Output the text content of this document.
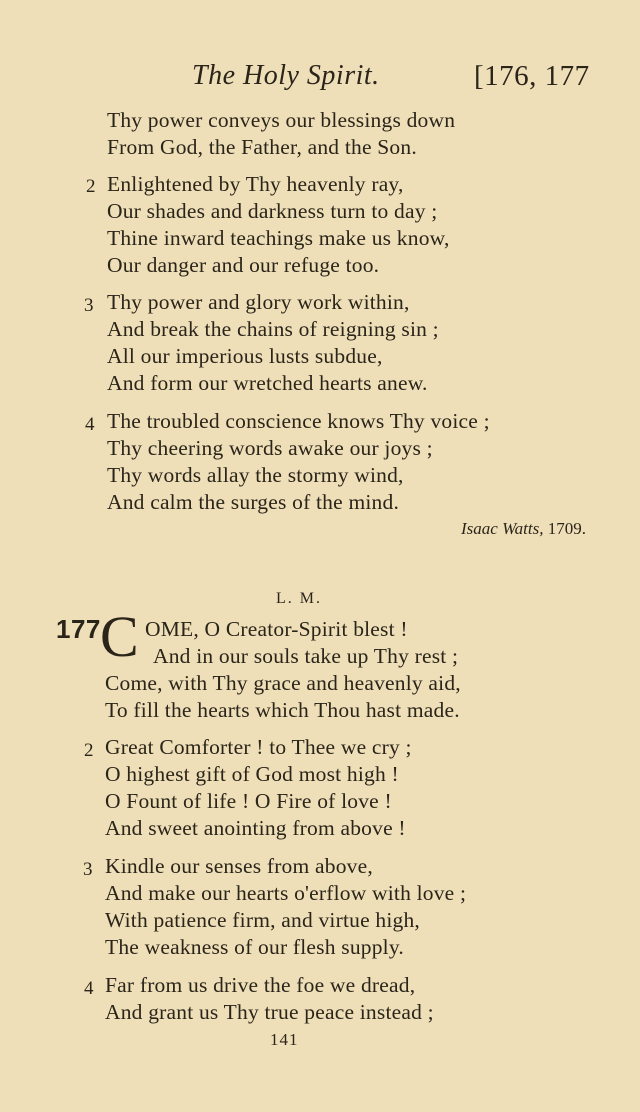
The Holy Spirit.	[176, 177
Thy power conveys our blessings down
From God, the Father, and the Son.
2 Enlightened by Thy heavenly ray,
Our shades and darkness turn to day ;
Thine inward teachings make us know,
Our danger and our refuge too.
3 Thy power and glory work within,
And break the chains of reigning sin ;
All our imperious lusts subdue,
And form our wretched hearts anew.
4 The troubled conscience knows Thy voice ;
Thy cheering words awake our joys ;
Thy words allay the stormy wind,
And calm the surges of the mind.
Isaac Watts, 1709.
L. M.
177 C OME, O Creator-Spirit blest !
And in our souls take up Thy rest ;
Come, with Thy grace and heavenly aid,
To fill the hearts which Thou hast made.
2 Great Comforter ! to Thee we cry ;
O highest gift of God most high !
O Fount of life ! O Fire of love !
And sweet anointing from above !
3 Kindle our senses from above,
And make our hearts o'erflow with love ;
With patience firm, and virtue high,
The weakness of our flesh supply.
4 Far from us drive the foe we dread,
And grant us Thy true peace instead ;
141
